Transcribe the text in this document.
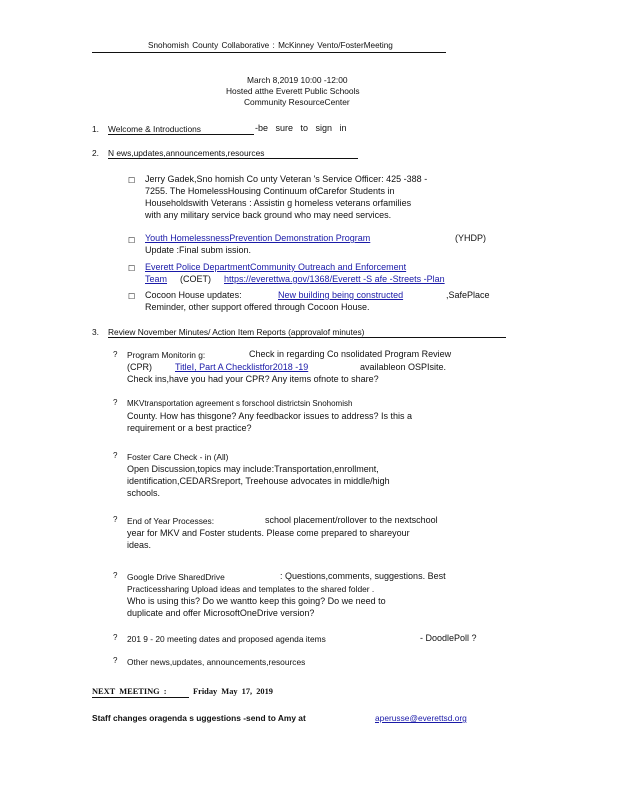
Snohomish County Collaborative : McKinney Vento/FosterMeeting
March 8,2019 10:00 -12:00
Hosted atthe Everett Public Schools
Community ResourceCenter
1. Welcome & Introductions	-be sure to sign in
2. N ews,updates,announcements,resources
☐ Jerry Gadek,Sno homish Co unty Veteran 's Service Officer: 425 -388 -
7255. The HomelessHousing Continuum ofCarefor Students in
Householdswith Veterans : Assistin g homeless veterans orfamilies
with any military service back ground who may need services.
☐ Youth HomelessnessPrevention Demonstration Program	(YHDP)
Update :Final subm ission.
☐ Everett Police DepartmentCommunity Outreach and Enforcement
Team (COET) https://everettwa.gov/1368/Everett -S afe -Streets -Plan
☐ Cocoon House updates:	New building being constructed	,SafePlace
Reminder, other support offered through Cocoon House.
3. Review November Minutes/ Action Item Reports (approvalof minutes)
? Program Monitorin g:	Check in regarding Co nsolidated Program Review
(CPR)	TitleI, Part A Checklistfor2018 -19	availableon OSPIsite.
Check ins,have you had your CPR? Any items ofnote to share?
? MKVtransportation agreement s forschool districtsin Snohomish
County. How has thisgone? Any feedbackor issues to address? Is this a
requirement or a best practice?
? Foster Care Check - in (All)
Open Discussion,topics may include:Transportation,enrollment,
identification,CEDARSreport, Treehouse advocates in middle/high
schools.
? End of Year Processes:	school placement/rollover to the nextschool
year for MKV and Foster students. Please come prepared to shareyour
ideas.
? Google Drive SharedDrive	: Questions,comments, suggestions. Best
Practicessharing Upload ideas and templates to the shared folder .
Who is using this? Do we wantto keep this going? Do we need to
duplicate and offer MicrosoftOneDrive version?
? 201 9 - 20 meeting dates and proposed agenda items	- DoodlePoll ?
? Other news,updates, announcements,resources
NEXT MEETING :	Friday May 17, 2019
Staff changes oragenda s uggestions -send to Amy at	aperusse@everettsd.org
